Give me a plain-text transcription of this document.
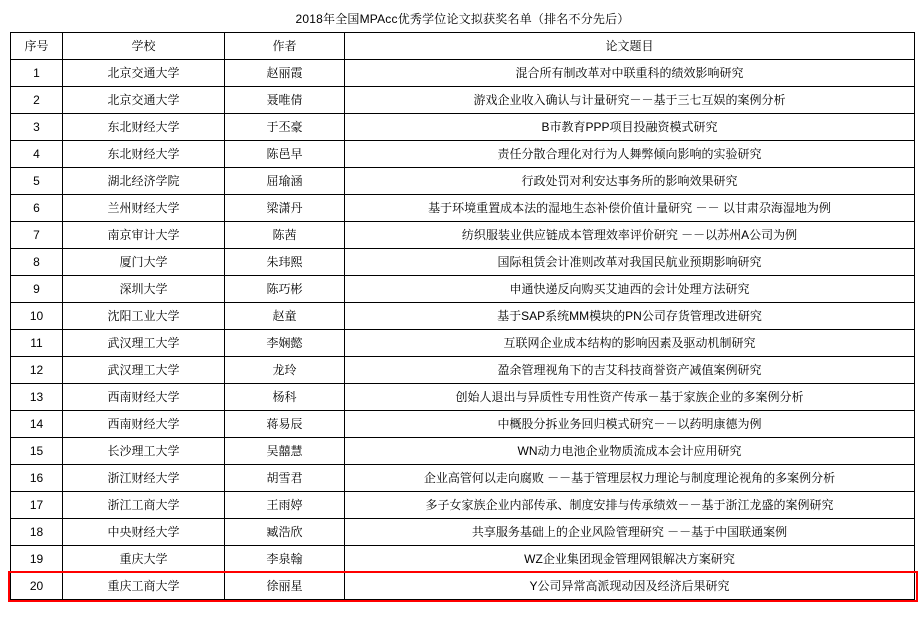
2018年全国MPAcc优秀学位论文拟获奖名单（排名不分先后）			
序号	学校	作者	论文题目
1	北京交通大学	赵丽霞	混合所有制改革对中联重科的绩效影响研究
2	北京交通大学	聂唯倩	游戏企业收入确认与计量研究－－基于三七互娱的案例分析
3	东北财经大学	于丕豪	B市教育PPP项目投融资模式研究
4	东北财经大学	陈邑早	责任分散合理化对行为人舞弊倾向影响的实验研究
5	湖北经济学院	屈瑜涵	行政处罚对利安达事务所的影响效果研究
6	兰州财经大学	梁潇丹	基于环境重置成本法的湿地生态补偿价值计量研究 －－ 以甘肃尕海湿地为例
7	南京审计大学	陈茜	纺织服装业供应链成本管理效率评价研究 －－以苏州A公司为例
8	厦门大学	朱玮熙	国际租赁会计准则改革对我国民航业预期影响研究
9	深圳大学	陈巧彬	申通快递反向购买艾迪西的会计处理方法研究
10	沈阳工业大学	赵童	基于SAP系统MM模块的PN公司存货管理改进研究
11	武汉理工大学	李娴懿	互联网企业成本结构的影响因素及驱动机制研究
12	武汉理工大学	龙玲	盈余管理视角下的吉艾科技商誉资产减值案例研究
13	西南财经大学	杨科	创始人退出与异质性专用性资产传承－基于家族企业的多案例分析
14	西南财经大学	蒋易辰	中概股分拆业务回归模式研究－－以药明康德为例
15	长沙理工大学	吴囍慧	WN动力电池企业物质流成本会计应用研究
16	浙江财经大学	胡雪君	企业高管何以走向腐败 －－基于管理层权力理论与制度理论视角的多案例分析
17	浙江工商大学	王雨婷	多子女家族企业内部传承、制度安排与传承绩效－－基于浙江龙盛的案例研究
18	中央财经大学	臧浩欣	共享服务基础上的企业风险管理研究 －－基于中国联通案例
19	重庆大学	李泉翰	WZ企业集团现金管理网银解决方案研究
20	重庆工商大学	徐丽星	Y公司异常高派现动因及经济后果研究
